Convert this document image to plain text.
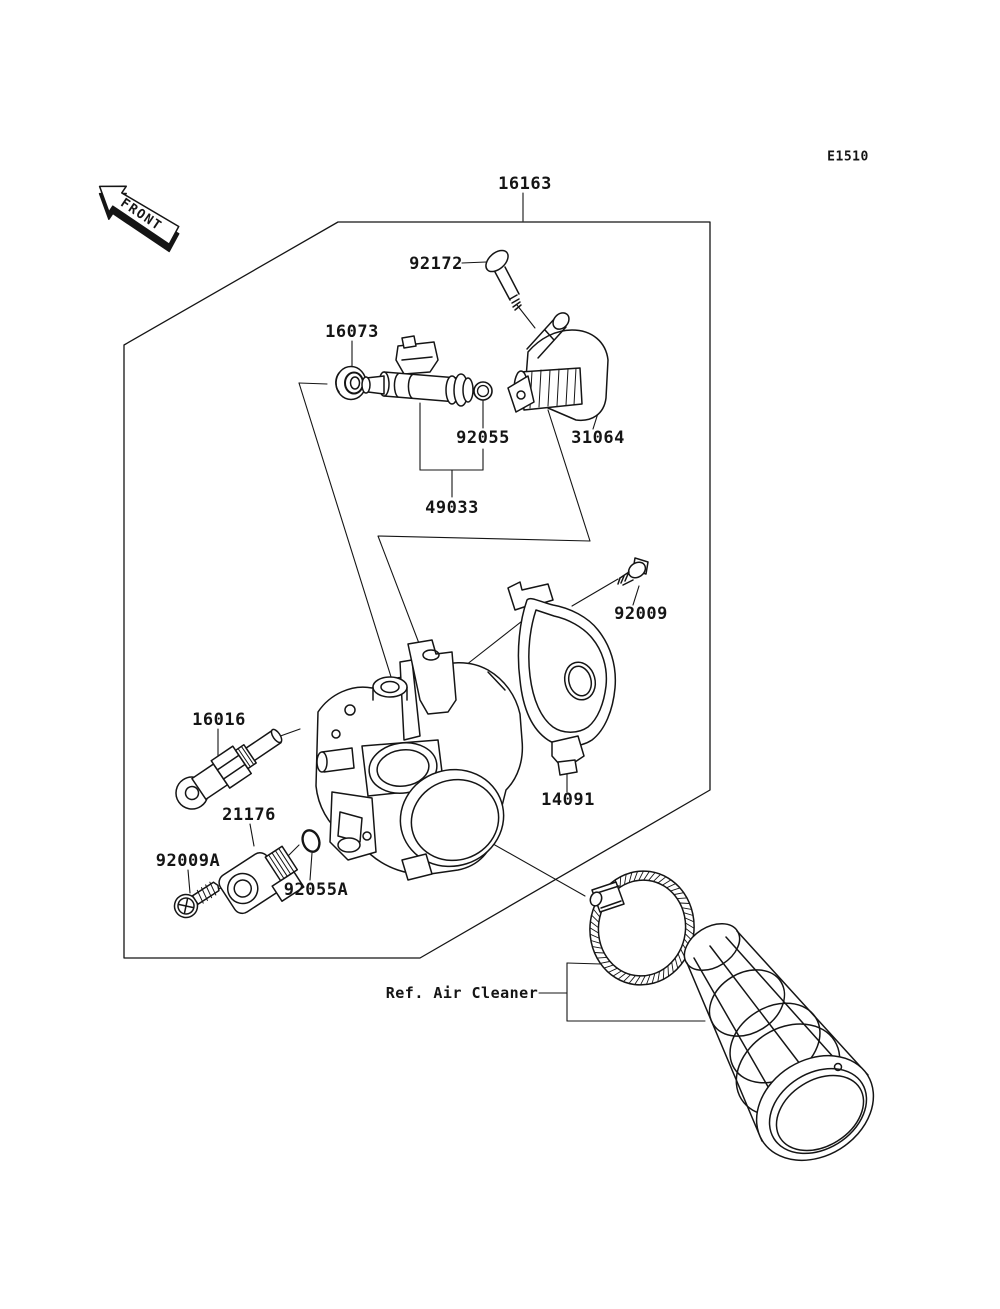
FRONT
E1510
16163
92172
16073
92055	31064
49033
92009
16016
14091
21176
92009A
92055A
Ref. Air Cleaner
